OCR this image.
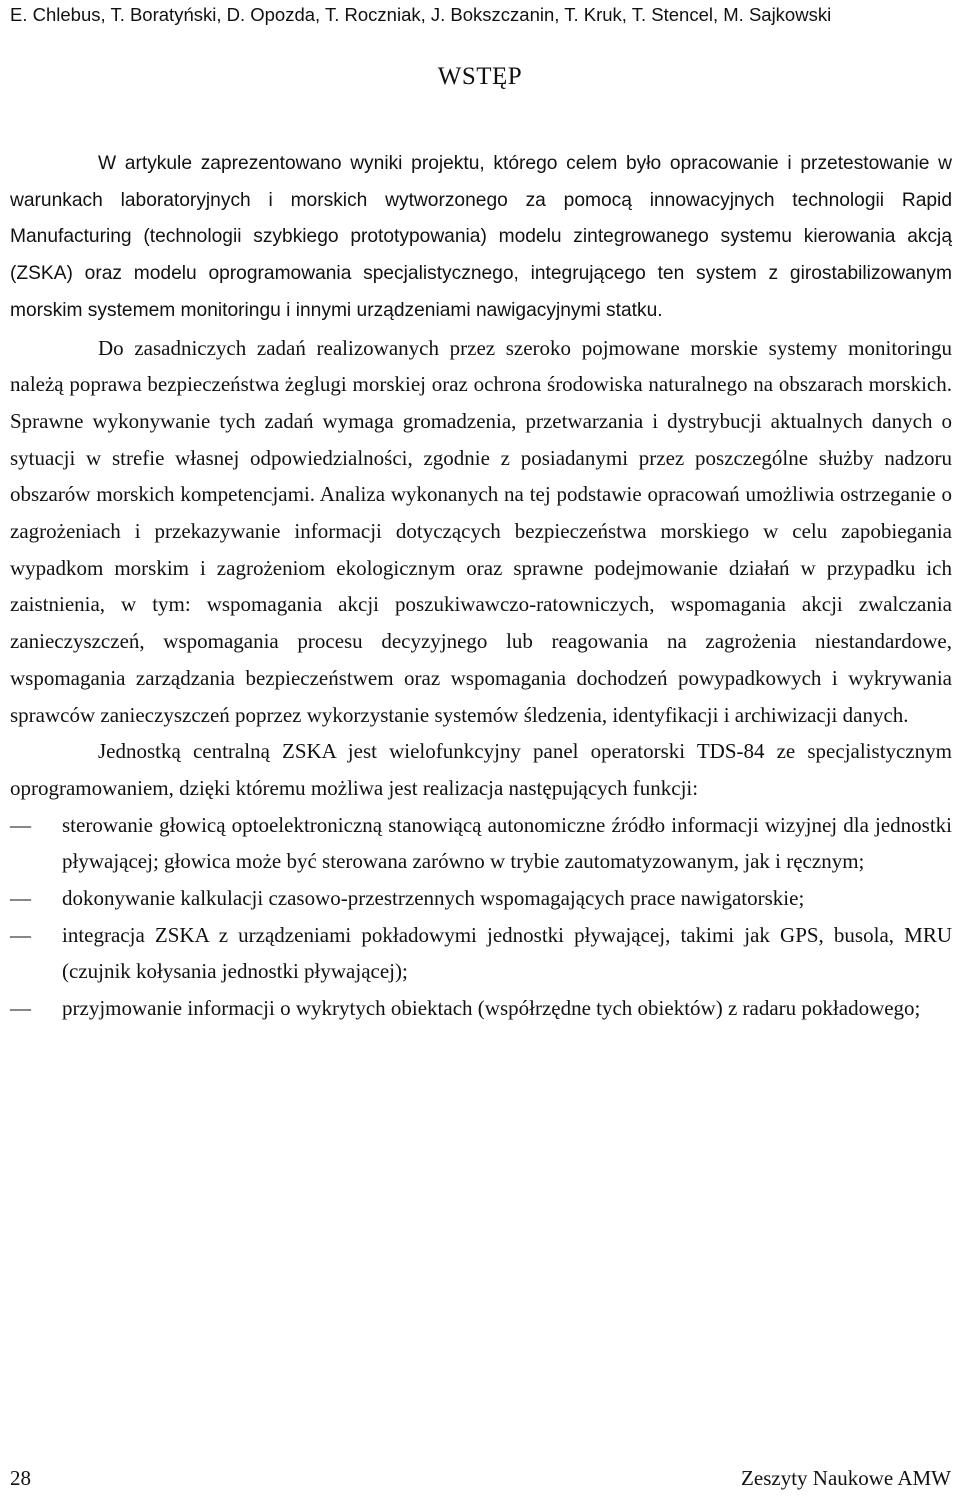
E. Chlebus, T. Boratyński, D. Opozda, T. Roczniak, J. Bokszczanin, T. Kruk, T. Stencel, M. Sajkowski
WSTĘP

W artykule zaprezentowano wyniki projektu, którego celem było opracowanie i przetestowanie w warunkach laboratoryjnych i morskich wytworzonego za pomocą innowacyjnych technologii Rapid Manufacturing (technologii szybkiego prototypowania) modelu zintegrowanego systemu kierowania akcją (ZSKA) oraz modelu oprogramowania specjalistycznego, integrującego ten system z girostabilizowanym morskim systemem monitoringu i innymi urządzeniami nawigacyjnymi statku.

Do zasadniczych zadań realizowanych przez szeroko pojmowane morskie systemy monitoringu należą poprawa bezpieczeństwa żeglugi morskiej oraz ochrona środowiska naturalnego na obszarach morskich. Sprawne wykonywanie tych zadań wymaga gromadzenia, przetwarzania i dystrybucji aktualnych danych o sytuacji w strefie własnej odpowiedzialności, zgodnie z posiadanymi przez poszczególne służby nadzoru obszarów morskich kompetencjami. Analiza wykonanych na tej podstawie opracowań umożliwia ostrzeganie o zagrożeniach i przekazywanie informacji dotyczących bezpieczeństwa morskiego w celu zapobiegania wypadkom morskim i zagrożeniom ekologicznym oraz sprawne podejmowanie działań w przypadku ich zaistnienia, w tym: wspomagania akcji poszukiwawczo-ratowniczych, wspomagania akcji zwalczania zanieczyszczeń, wspomagania procesu decyzyjnego lub reagowania na zagrożenia niestandardowe, wspomagania zarządzania bezpieczeństwem oraz wspomagania dochodzeń powypadkowych i wykrywania sprawców zanieczyszczeń poprzez wykorzystanie systemów śledzenia, identyfikacji i archiwizacji danych.

Jednostką centralną ZSKA jest wielofunkcyjny panel operatorski TDS-84 ze specjalistycznym oprogramowaniem, dzięki któremu możliwa jest realizacja następujących funkcji:

— sterowanie głowicą optoelektroniczną stanowiącą autonomiczne źródło informacji wizyjnej dla jednostki pływającej; głowica może być sterowana zarówno w trybie zautomatyzowanym, jak i ręcznym;
— dokonywanie kalkulacji czasowo-przestrzennych wspomagających prace nawigatorskie;
— integracja ZSKA z urządzeniami pokładowymi jednostki pływającej, takimi jak GPS, busola, MRU (czujnik kołysania jednostki pływającej);
— przyjmowanie informacji o wykrytych obiektach (współrzędne tych obiektów) z radaru pokładowego;
28	Zeszyty Naukowe AMW
